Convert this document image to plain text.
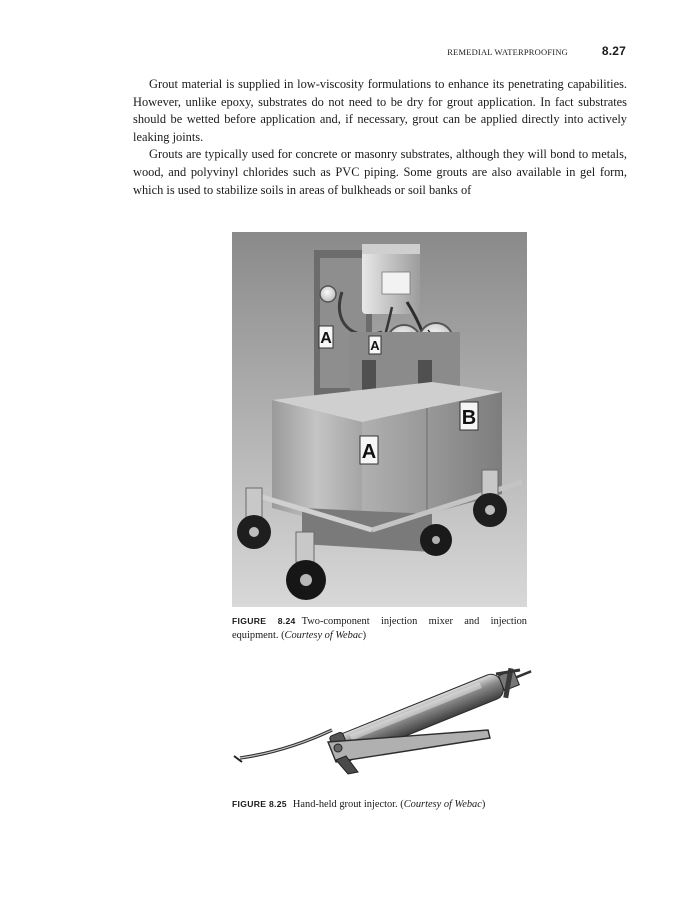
REMEDIAL WATERPROOFING	8.27

Grout material is supplied in low-viscosity formulations to enhance its penetrating capabilities. However, unlike epoxy, substrates do not need to be dry for grout application. In fact substrates should be wetted before application and, if necessary, grout can be applied directly into actively leaking joints.

Grouts are typically used for concrete or masonry substrates, although they will bond to metals, wood, and polyvinyl chlorides such as PVC piping. Some grouts are also available in gel form, which is used to stabilize soils in areas of bulkheads or soil banks of

A	A
A
B
FIGURE 8.24 Two-component injection mixer and injection equipment. (Courtesy of Webac)
FIGURE 8.25 Hand-held grout injector. (Courtesy of Webac)
